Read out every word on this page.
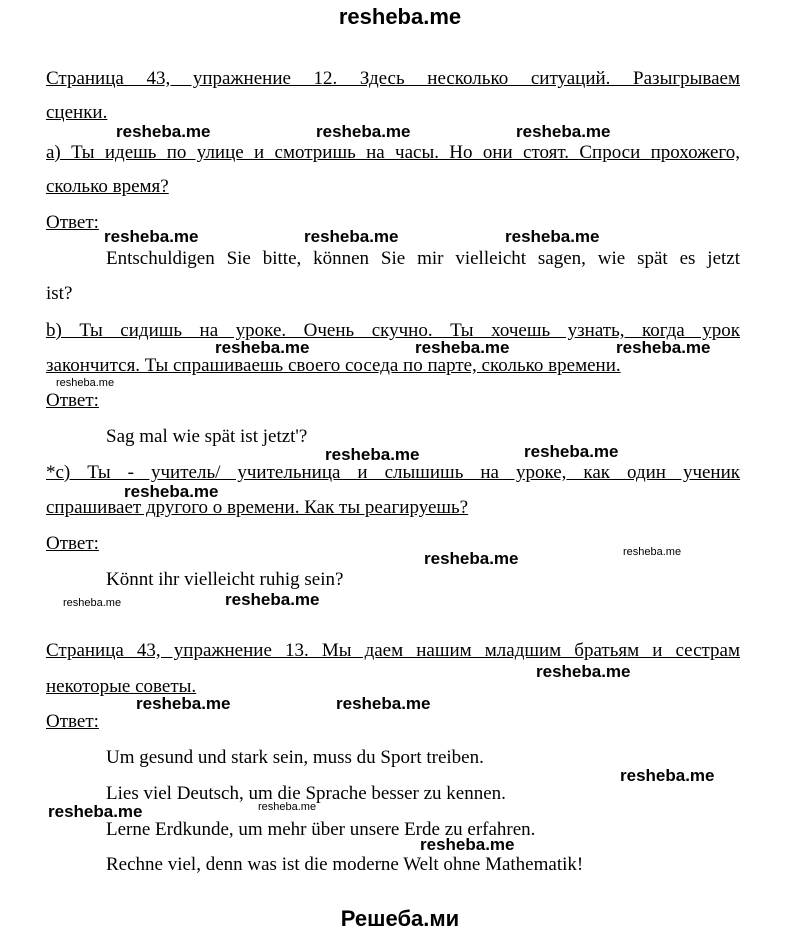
resheba.me
Страница 43, упражнение 12. Здесь несколько ситуаций. Разыгрываем
сценки.
а) Ты идешь по улице и смотришь на часы. Но они стоят. Спроси прохожего,
сколько время?
Ответ:
Entschuldigen Sie bitte, können Sie mir vielleicht sagen, wie spät es jetzt
ist?
b) Ты сидишь на уроке. Очень скучно. Ты хочешь узнать, когда урок
закончится. Ты спрашиваешь своего соседа по парте, сколько времени.
Ответ:
Sag mal wie spät ist jetzt'?
*c) Ты - учитель/ учительница и слышишь на уроке, как один ученик
спрашивает другого о времени. Как ты реагируешь?
Ответ:
Könnt ihr vielleicht ruhig sein?
Страница 43, упражнение 13. Мы даем нашим младшим братьям и сестрам
некоторые советы.
Ответ:
Um gesund und stark sein, muss du Sport treiben.
Lies viel Deutsch, um die Sprache besser zu kennen.
Lerne Erdkunde, um mehr über unsere Erde zu erfahren.
Rechne viel, denn was ist die moderne Welt ohne Mathematik!
resheba.me	resheba.me	resheba.me
resheba.me	resheba.me	resheba.me
resheba.me	resheba.me	resheba.me
resheba.me
resheba.me	resheba.me
resheba.me
resheba.me	resheba.me
resheba.me
resheba.me
resheba.me
resheba.me	resheba.me
resheba.me
resheba.me	resheba.me
resheba.me
Решеба.ми
